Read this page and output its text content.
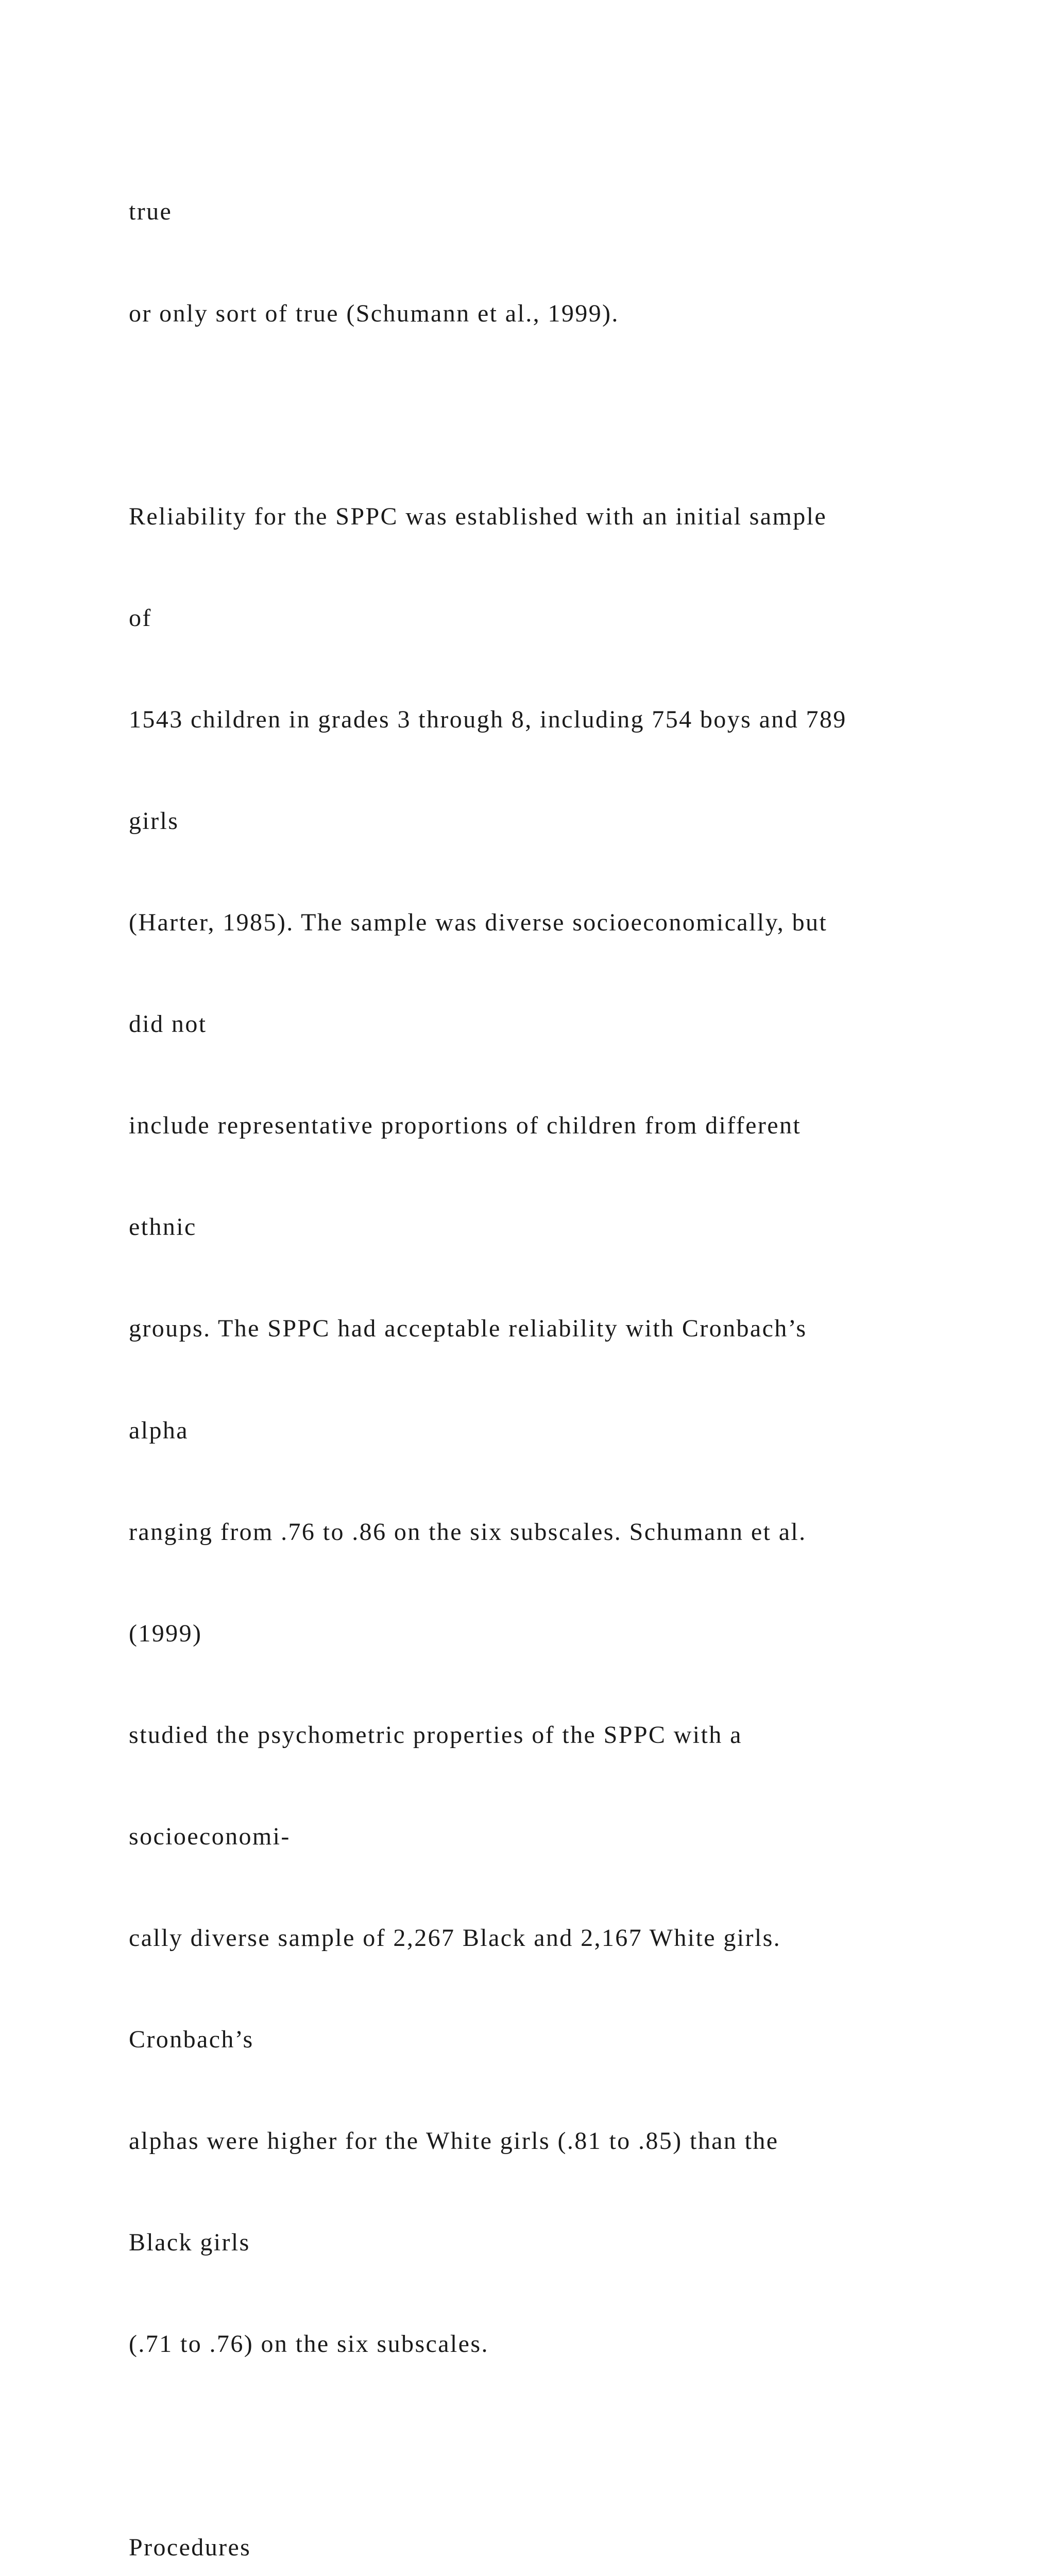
true

or only sort of true (Schumann et al., 1999).

Reliability for the SPPC was established with an initial sample

of

1543 children in grades 3 through 8, including 754 boys and 789

girls

(Harter, 1985). The sample was diverse socioeconomically, but

did not

include representative proportions of children from different

ethnic

groups. The SPPC had acceptable reliability with Cronbach’s

alpha

ranging from .76 to .86 on the six subscales. Schumann et al.

(1999)

studied the psychometric properties of the SPPC with a

socioeconomi-

cally diverse sample of 2,267 Black and 2,167 White girls.

Cronbach’s

alphas were higher for the White girls (.81 to .85) than the

Black girls

(.71 to .76) on the six subscales.

Procedures
